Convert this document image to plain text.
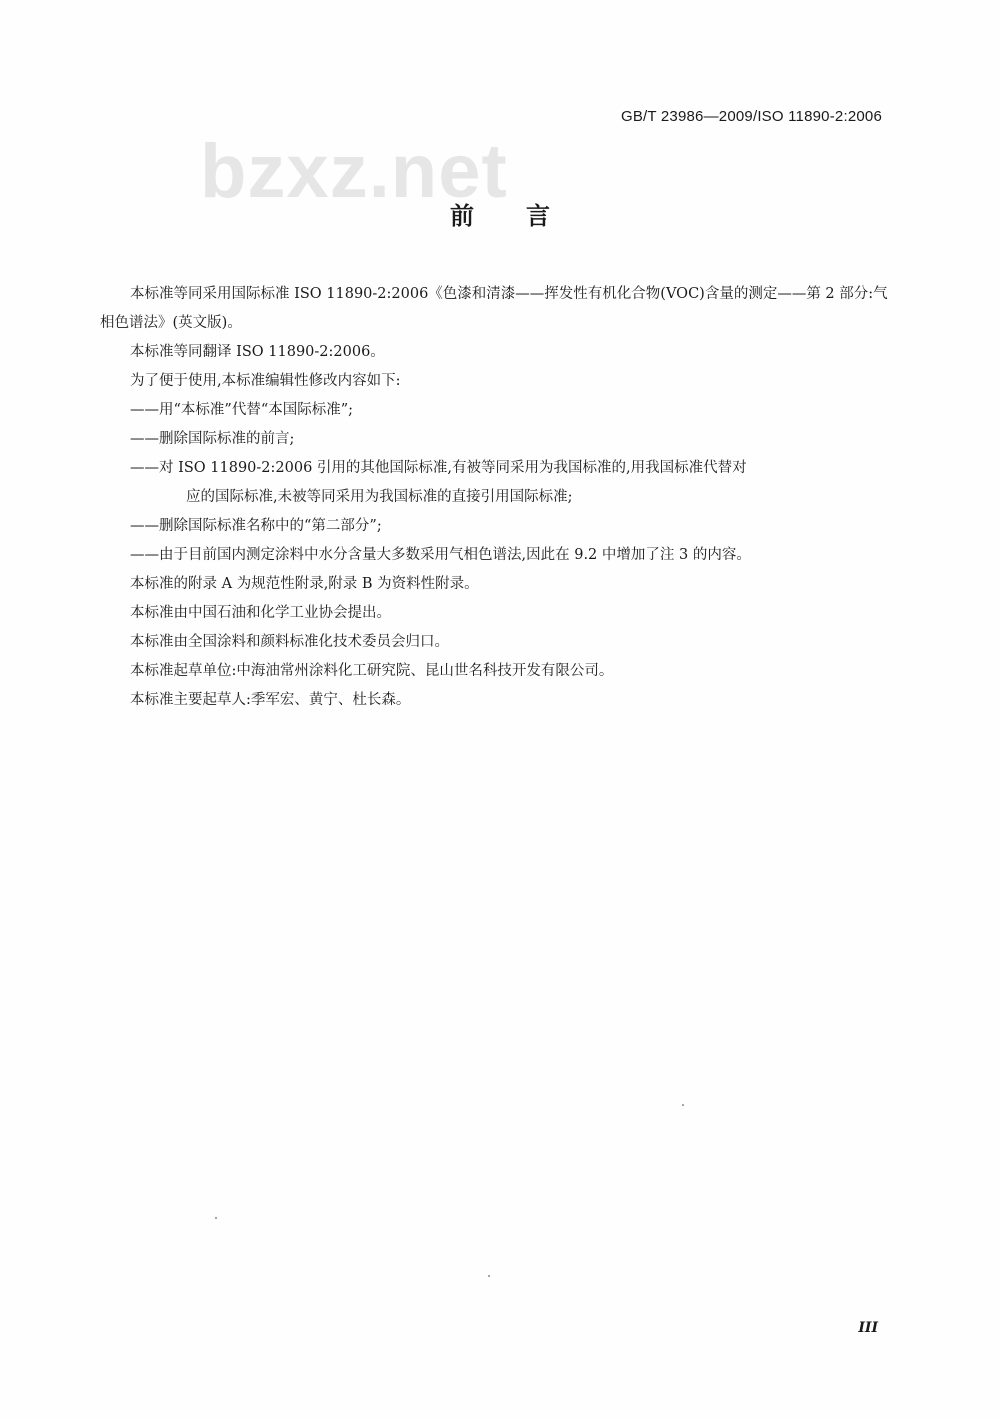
GB/T 23986—2009/ISO 11890-2:2006
bzxz.net
前言

本标准等同采用国际标准 ISO 11890-2:2006《色漆和清漆——挥发性有机化合物(VOC)含量的测定——第 2 部分:气相色谱法》(英文版)。

本标准等同翻译 ISO 11890-2:2006。

为了便于使用,本标准编辑性修改内容如下:

——用“本标准”代替“本国际标准”;

——删除国际标准的前言;

——对 ISO 11890-2:2006 引用的其他国际标准,有被等同采用为我国标准的,用我国标准代替对
应的国际标准,未被等同采用为我国标准的直接引用国际标准;

——删除国际标准名称中的“第二部分”;

——由于目前国内测定涂料中水分含量大多数采用气相色谱法,因此在 9.2 中增加了注 3 的内容。

本标准的附录 A 为规范性附录,附录 B 为资料性附录。

本标准由中国石油和化学工业协会提出。

本标准由全国涂料和颜料标准化技术委员会归口。

本标准起草单位:中海油常州涂料化工研究院、昆山世名科技开发有限公司。

本标准主要起草人:季军宏、黄宁、杜长森。

III
